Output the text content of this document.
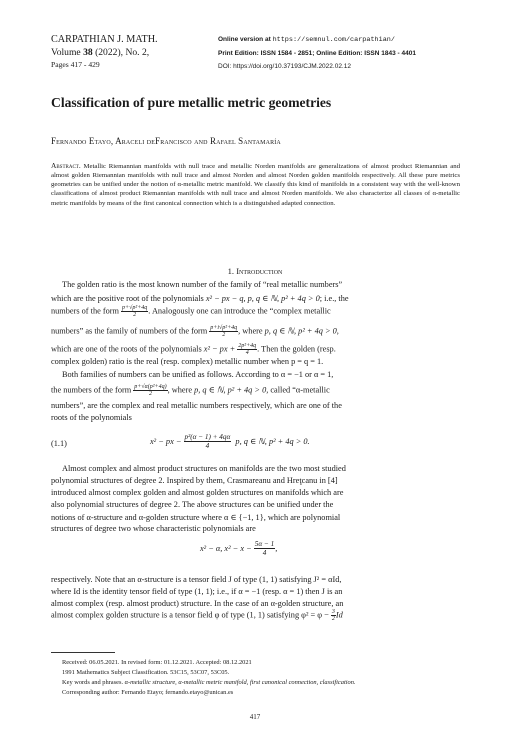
CARPATHIAN J. MATH.
Volume 38 (2022), No. 2,
Pages 417 - 429
Online version at https://semnul.com/carpathian/
Print Edition: ISSN 1584 - 2851; Online Edition: ISSN 1843 - 4401
DOI: https://doi.org/10.37193/CJM.2022.02.12
Classification of pure metallic metric geometries
Fernando Etayo, Araceli deFrancisco and Rafael Santamaría
Abstract. Metallic Riemannian manifolds with null trace and metallic Norden manifolds are generalizations of almost product Riemannian and almost golden Riemannian manifolds with null trace and almost Norden and almost Norden golden manifolds respectively. All these pure metrics geometries can be unified under the notion of α-metallic metric manifold. We classify this kind of manifolds in a consistent way with the well-known classifications of almost product Riemannian manifolds with null trace and almost Norden manifolds. We also characterize all classes of α-metallic metric manifolds by means of the first canonical connection which is a distinguished adapted connection.
1. Introduction
The golden ratio is the most known number of the family of “real metallic numbers”
which are the positive root of the polynomials x² − px − q, p, q ∈ ℕ, p² + 4q > 0; i.e., the
numbers of the form $\frac{\text{p+√p²+4q}}{2}$ . Analogously one can introduce the “complex metallic
numbers” as the family of numbers of the form $\frac{\text{p+i√p²+4q}}{2}$ , where p, q ∈ ℕ, p² + 4q > 0,
which are one of the roots of the polynomials x² − px + $\frac{\text{2p²+4q}}{4}$ . Then the golden (resp.
complex golden) ratio is the real (resp. complex) metallic number when p = q = 1.
Both families of numbers can be unified as follows. According to α = −1 or α = 1,
the numbers of the form $\frac{\text{p+√α(p²+4q)}}{2}$ , where p, q ∈ ℕ, p² + 4q > 0, called “α-metallic
numbers”, are the complex and real metallic numbers respectively, which are one of the
roots of the polynomials
(1.1)	x² − px − $\frac{\text{p²(α − 1) + 4qα}}{4} p$, q ∈ ℕ, p² + 4q > 0.
Almost complex and almost product structures on manifolds are the two most studied
polynomial structures of degree 2. Inspired by them, Crasmareanu and Hreţcanu in [4]
introduced almost complex golden and almost golden structures on manifolds which are
also polynomial structures of degree 2. The above structures can be unified under the
notions of α-structure and α-golden structure where α ∈ {−1, 1}, which are polynomial
structures of degree two whose characteristic polynomials are
x² − α, $x^2 - x - \frac{5\alpha - 1}{4}$ ,
respectively. Note that an α-structure is a tensor field J of type (1, 1) satisfying J² = αId,
where Id is the identity tensor field of type (1, 1); i.e., if α = −1 (resp. α = 1) then J is an
almost complex (resp. almost product) structure. In the case of an α-golden structure, an
almost complex golden structure is a tensor field φ of type (1, 1) satisfying $\varphi^2 = \varphi - \frac{3}{2}$ Id
Received: 06.05.2021. In revised form: 01.12.2021. Accepted: 08.12.2021
1991 Mathematics Subject Classification. 53C15, 53C07, 53C05.
Key words and phrases. α-metallic structure, α-metallic metric manifold, first canonical connection, classification.
Corresponding author: Fernando Etayo; fernando.etayo@unican.es
417
